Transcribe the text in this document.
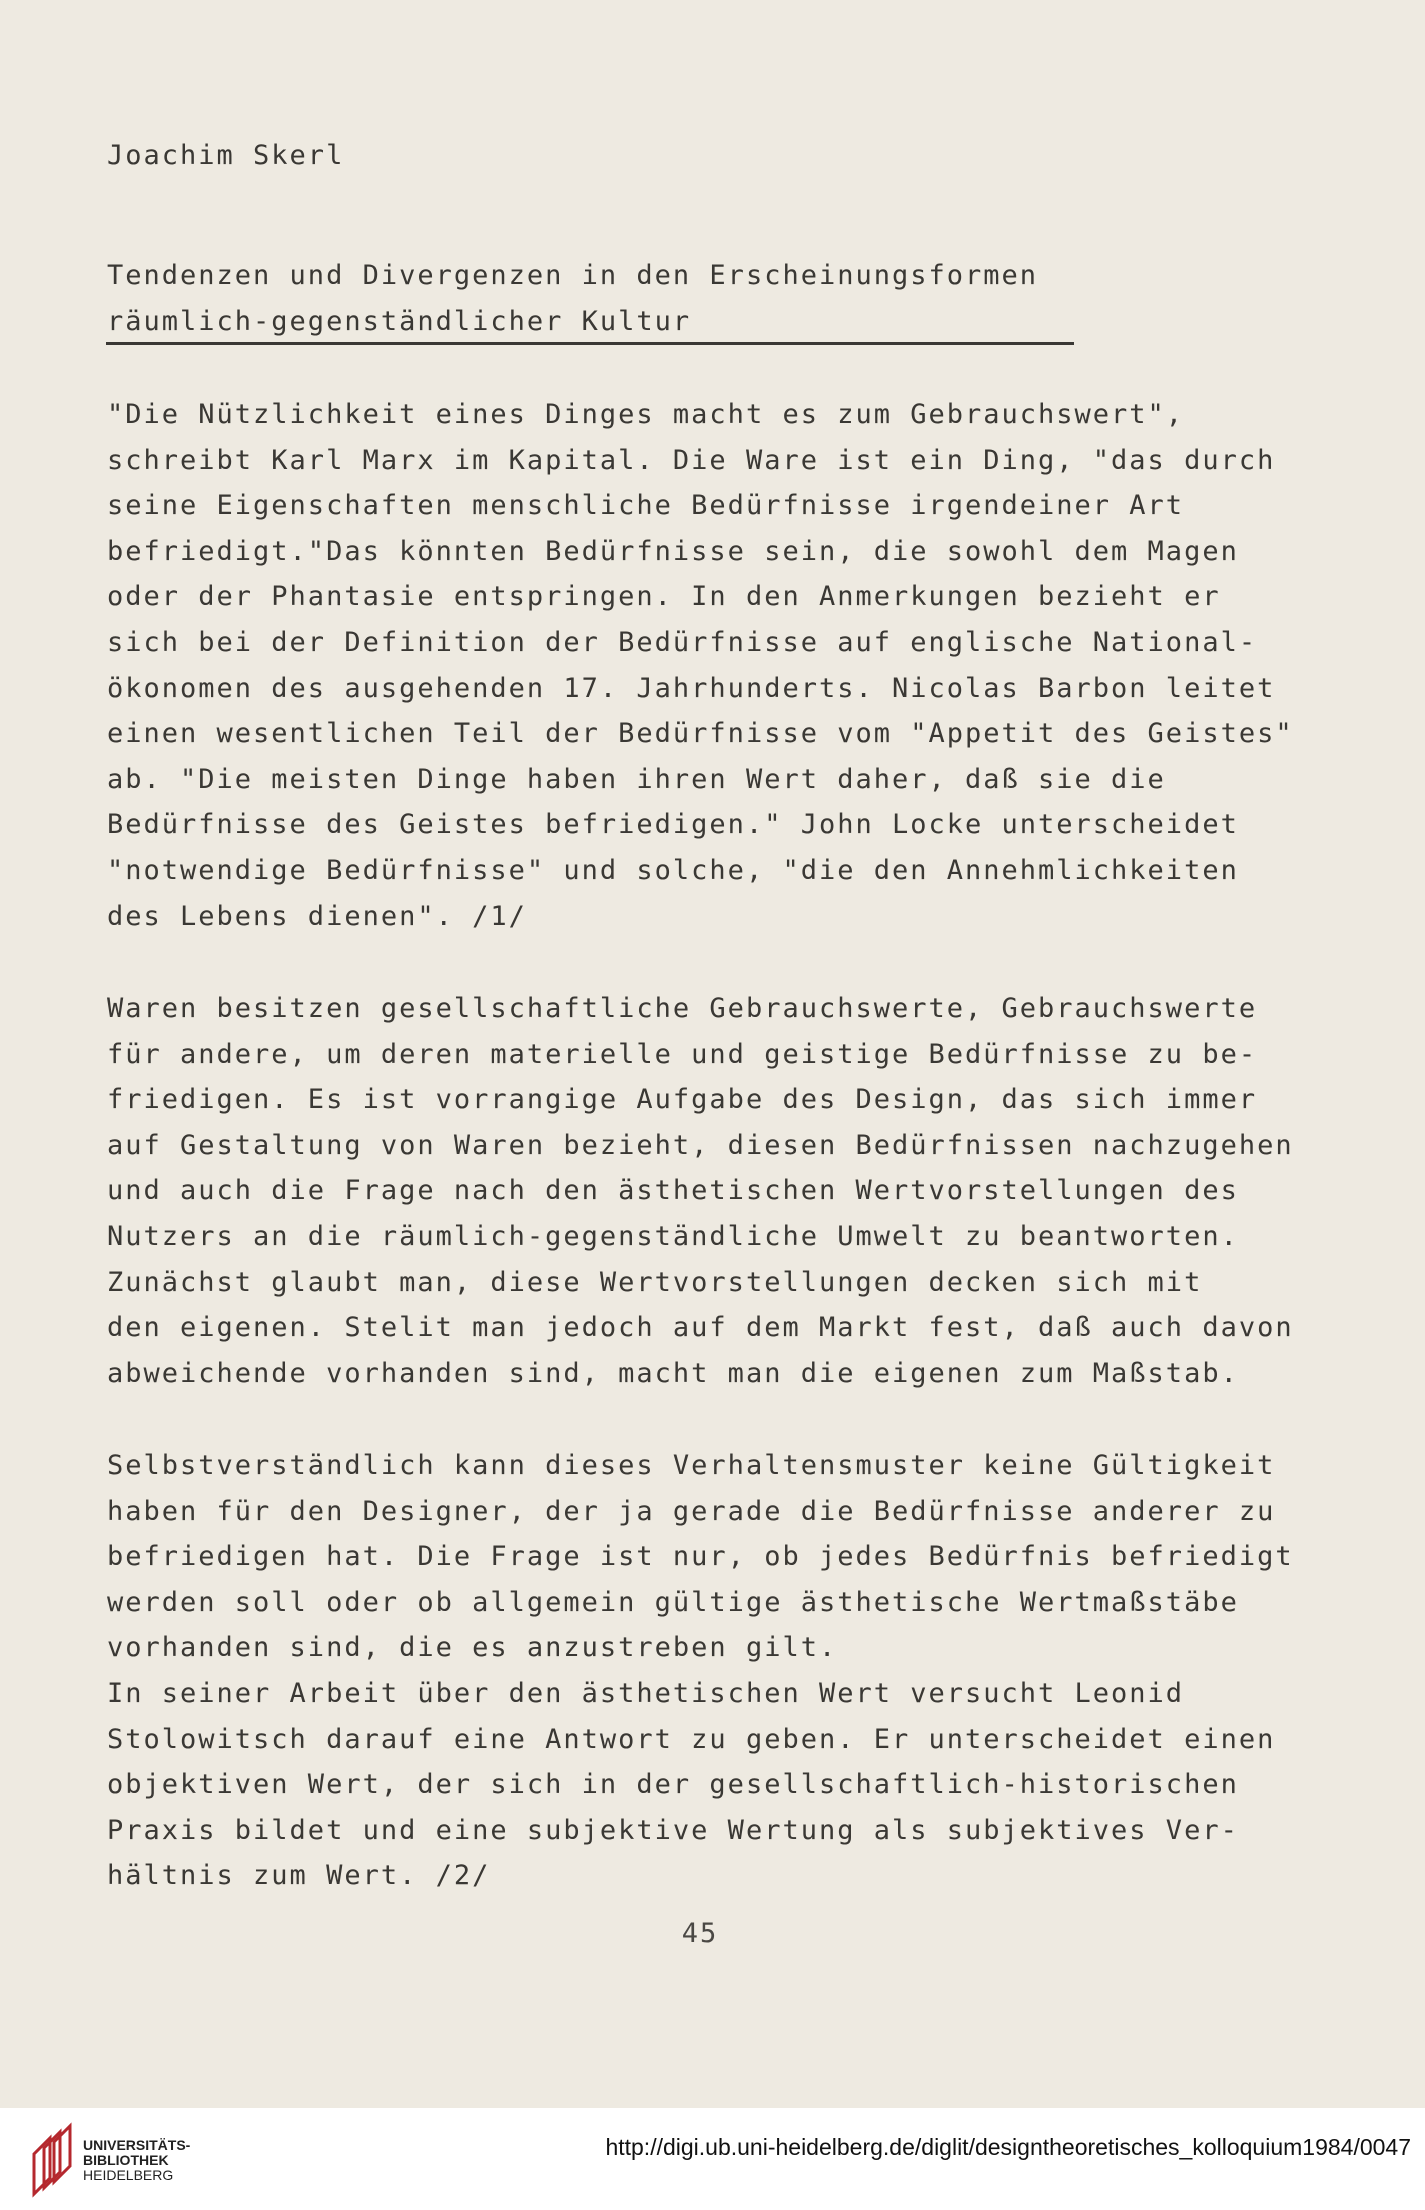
Joachim Skerl
Tendenzen und Divergenzen in den Erscheinungsformen
räumlich-gegenständlicher Kultur
"Die Nützlichkeit eines Dinges macht es zum Gebrauchswert",
schreibt Karl Marx im Kapital. Die Ware ist ein Ding, "das durch
seine Eigenschaften menschliche Bedürfnisse irgendeiner Art
befriedigt."Das könnten Bedürfnisse sein, die sowohl dem Magen
oder der Phantasie entspringen. In den Anmerkungen bezieht er
sich bei der Definition der Bedürfnisse auf englische National-
ökonomen des ausgehenden 17. Jahrhunderts. Nicolas Barbon leitet
einen wesentlichen Teil der Bedürfnisse vom "Appetit des Geistes"
ab. "Die meisten Dinge haben ihren Wert daher, daß sie die
Bedürfnisse des Geistes befriedigen." John Locke unterscheidet
"notwendige Bedürfnisse" und solche, "die den Annehmlichkeiten
des Lebens dienen". /1/
Waren besitzen gesellschaftliche Gebrauchswerte, Gebrauchswerte
für andere, um deren materielle und geistige Bedürfnisse zu be-
friedigen. Es ist vorrangige Aufgabe des Design, das sich immer
auf Gestaltung von Waren bezieht, diesen Bedürfnissen nachzugehen
und auch die Frage nach den ästhetischen Wertvorstellungen des
Nutzers an die räumlich-gegenständliche Umwelt zu beantworten.
Zunächst glaubt man, diese Wertvorstellungen decken sich mit
den eigenen. Stelit man jedoch auf dem Markt fest, daß auch davon
abweichende vorhanden sind, macht man die eigenen zum Maßstab.
Selbstverständlich kann dieses Verhaltensmuster keine Gültigkeit
haben für den Designer, der ja gerade die Bedürfnisse anderer zu
befriedigen hat. Die Frage ist nur, ob jedes Bedürfnis befriedigt
werden soll oder ob allgemein gültige ästhetische Wertmaßstäbe
vorhanden sind, die es anzustreben gilt.
In seiner Arbeit über den ästhetischen Wert versucht Leonid
Stolowitsch darauf eine Antwort zu geben. Er unterscheidet einen
objektiven Wert, der sich in der gesellschaftlich-historischen
Praxis bildet und eine subjektive Wertung als subjektives Ver-
hältnis zum Wert. /2/
45
UNIVERSITÄTS-
BIBLIOTHEK
HEIDELBERG
http://digi.ub.uni-heidelberg.de/diglit/designtheoretisches_kolloquium1984/0047
